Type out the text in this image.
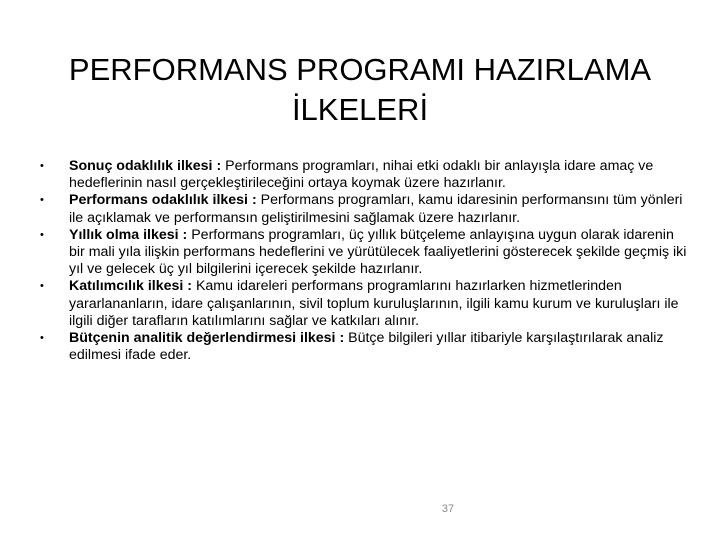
PERFORMANS PROGRAMI HAZIRLAMA
İLKELERİ
•	Sonuç odaklılık ilkesi : Performans programları, nihai etki odaklı bir anlayışla idare amaç ve hedeflerinin nasıl gerçekleştirileceğini ortaya koymak üzere hazırlanır.
•	Performans odaklılık ilkesi : Performans programları, kamu idaresinin performansını tüm yönleri ile açıklamak ve performansın geliştirilmesini sağlamak üzere hazırlanır.
•	Yıllık olma ilkesi : Performans programları, üç yıllık bütçeleme anlayışına uygun olarak idarenin bir mali yıla ilişkin performans hedeflerini ve yürütülecek faaliyetlerini gösterecek şekilde geçmiş iki yıl ve gelecek üç yıl bilgilerini içerecek şekilde hazırlanır.
•	Katılımcılık ilkesi : Kamu idareleri performans programlarını hazırlarken hizmetlerinden yararlananların, idare çalışanlarının, sivil toplum kuruluşlarının, ilgili kamu kurum ve kuruluşları ile ilgili diğer tarafların katılımlarını sağlar ve katkıları alınır.
•	Bütçenin analitik değerlendirmesi ilkesi : Bütçe bilgileri yıllar itibariyle karşılaştırılarak analiz edilmesi ifade eder.
37
